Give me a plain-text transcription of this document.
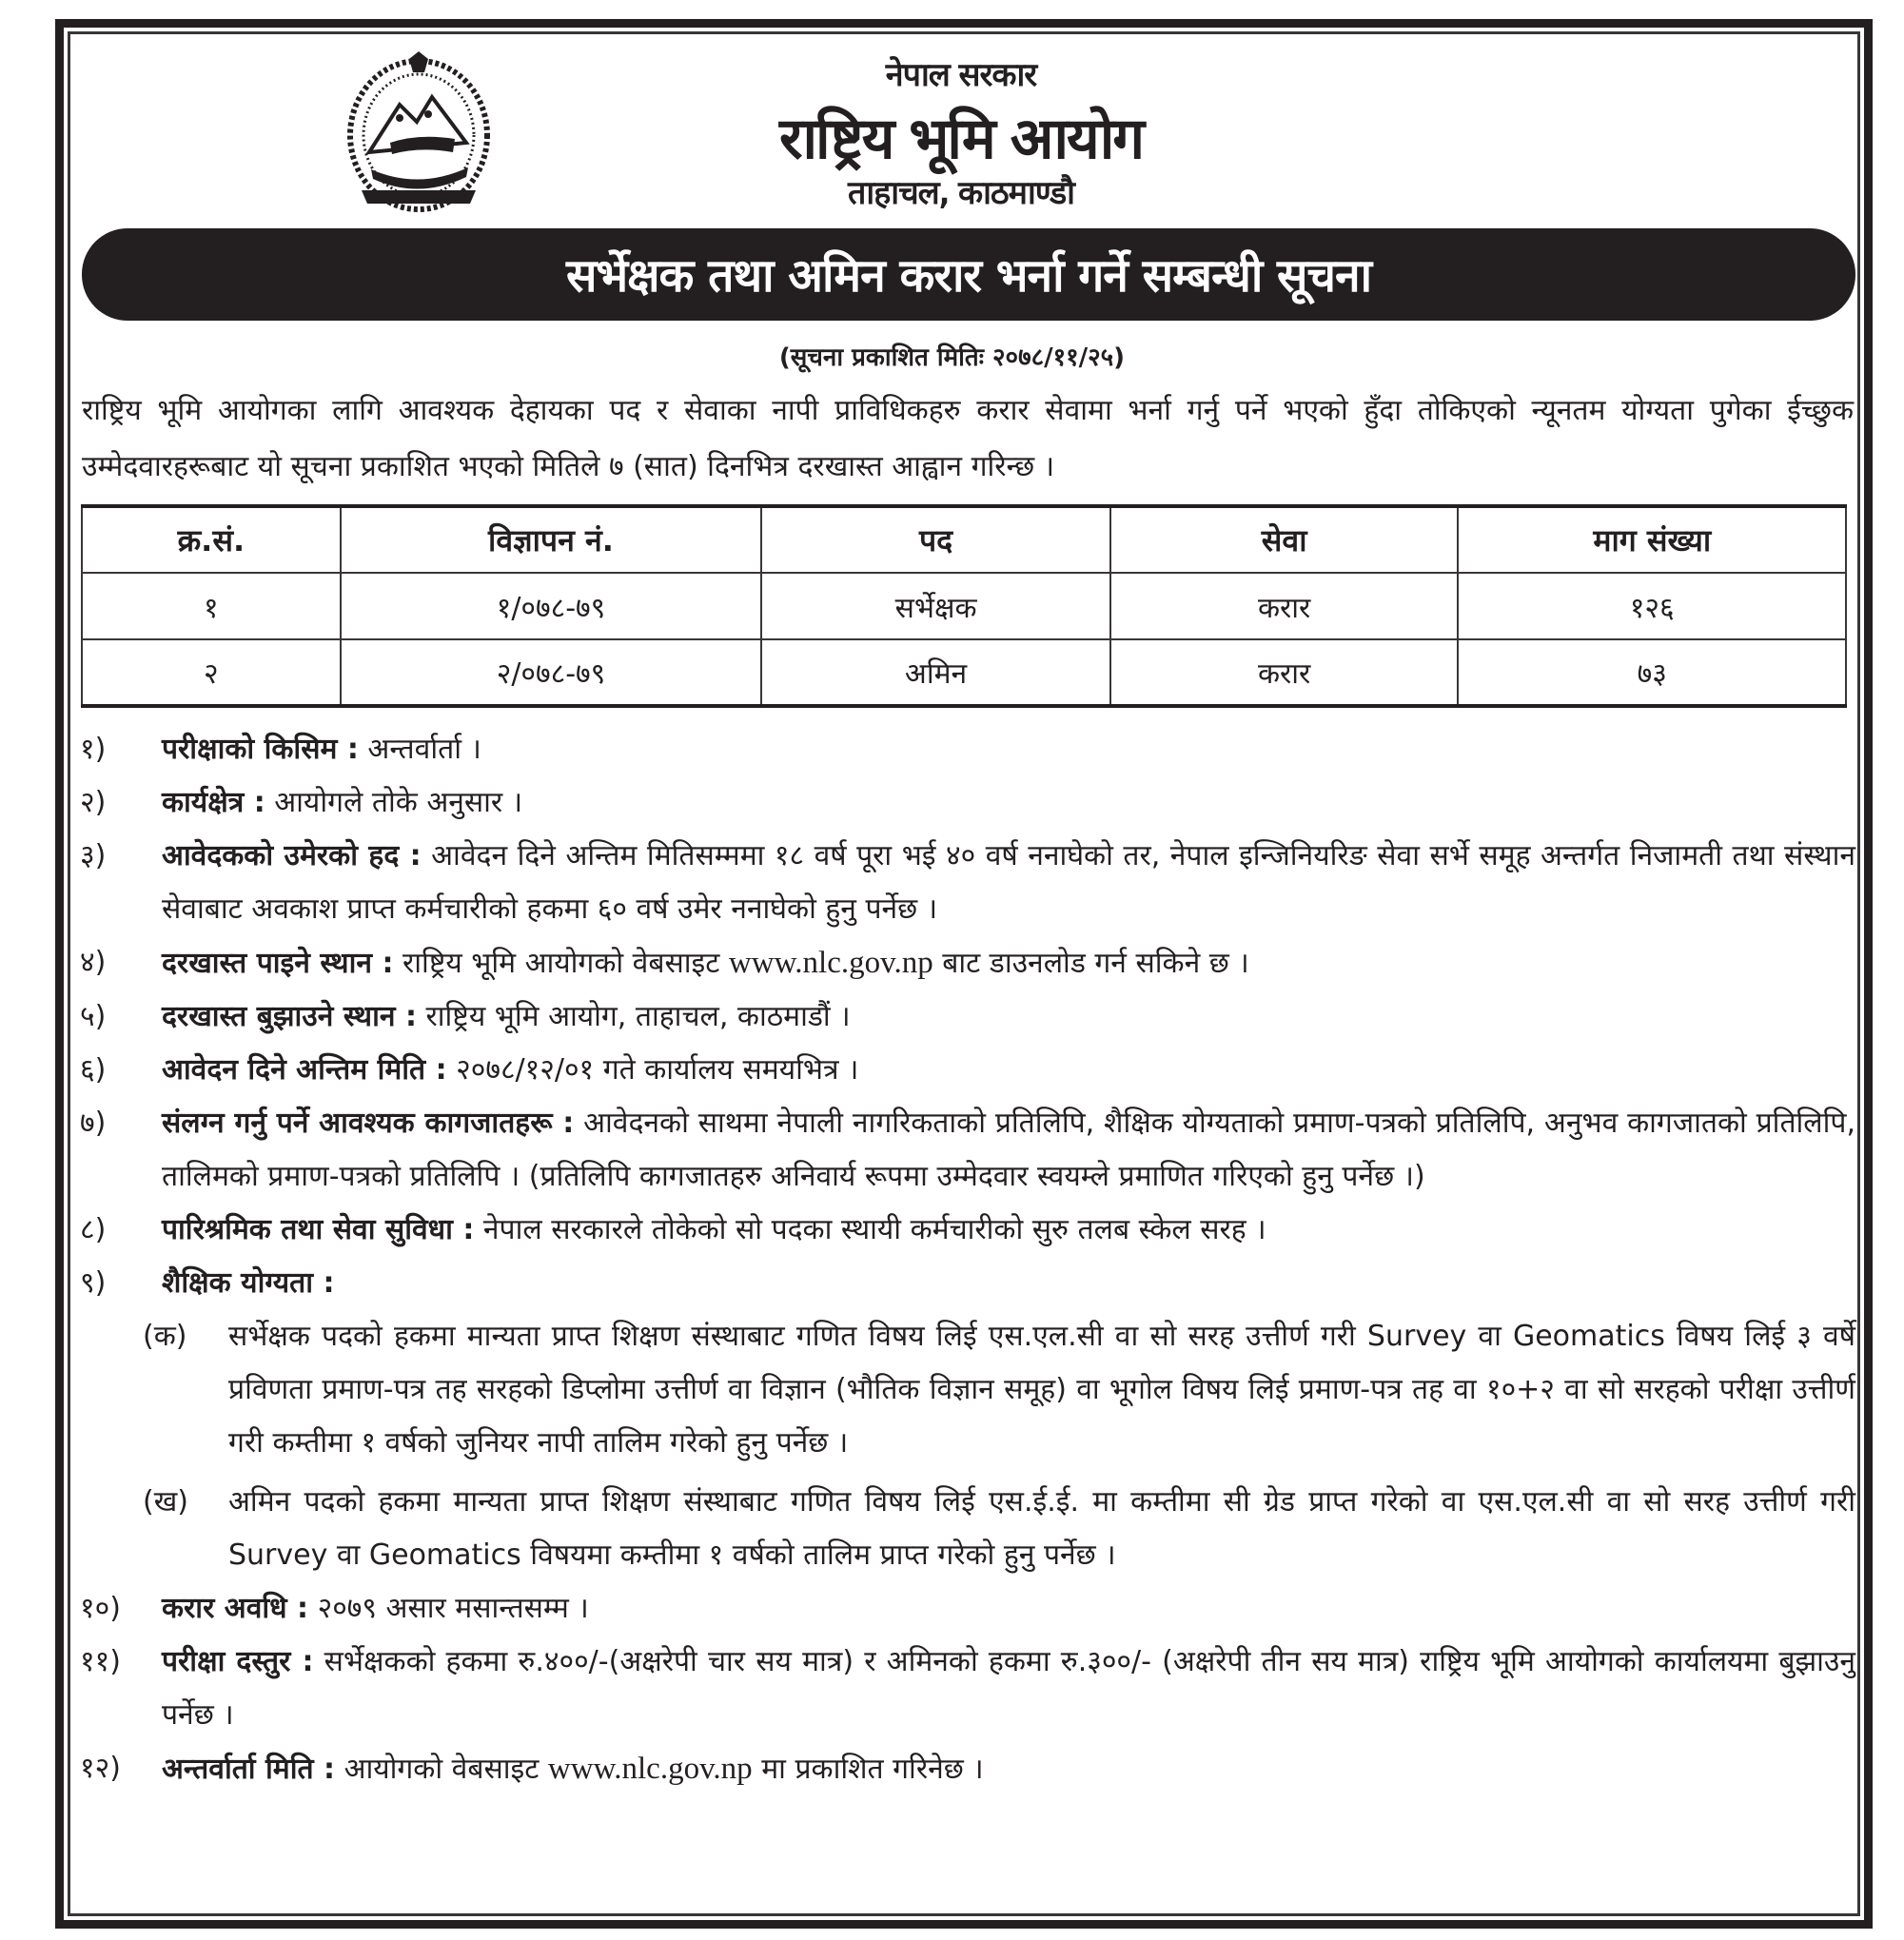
नेपाल सरकार
राष्ट्रिय भूमि आयोग
ताहाचल, काठमाण्डौ
सर्भेक्षक तथा अमिन करार भर्ना गर्ने सम्बन्धी सूचना
(सूचना प्रकाशित मितिः २०७८/११/२५)
राष्ट्रिय भूमि आयोगका लागि आवश्यक देहायका पद र सेवाका नापी प्राविधिकहरु करार सेवामा भर्ना गर्नु पर्ने भएको हुँदा तोकिएको न्यूनतम योग्यता पुगेका ईच्छुक उम्मेदवारहरूबाट यो सूचना प्रकाशित भएको मितिले ७ (सात) दिनभित्र दरखास्त आह्वान गरिन्छ ।
क्र.सं.	विज्ञापन नं.	पद	सेवा	माग संख्या
१	१/०७८-७९	सर्भेक्षक	करार	१२६
२	२/०७८-७९	अमिन	करार	७३
१)	परीक्षाको किसिम : अन्तर्वार्ता ।
२)	कार्यक्षेत्र : आयोगले तोके अनुसार ।
३)	आवेदकको उमेरको हद : आवेदन दिने अन्तिम मितिसम्ममा १८ वर्ष पूरा भई ४० वर्ष ननाघेको तर, नेपाल इन्जिनियरिङ सेवा सर्भे समूह अन्तर्गत निजामती तथा संस्थान सेवाबाट अवकाश प्राप्त कर्मचारीको हकमा ६० वर्ष उमेर ननाघेको हुनु पर्नेछ ।
४)	दरखास्त पाइने स्थान : राष्ट्रिय भूमि आयोगको वेबसाइट www.nlc.gov.np बाट डाउनलोड गर्न सकिने छ ।
५)	दरखास्त बुझाउने स्थान : राष्ट्रिय भूमि आयोग, ताहाचल, काठमाडौं ।
६)	आवेदन दिने अन्तिम मिति : २०७८/१२/०१ गते कार्यालय समयभित्र ।
७)	संलग्न गर्नु पर्ने आवश्यक कागजातहरू : आवेदनको साथमा नेपाली नागरिकताको प्रतिलिपि, शैक्षिक योग्यताको प्रमाण-पत्रको प्रतिलिपि, अनुभव कागजातको प्रतिलिपि, तालिमको प्रमाण-पत्रको प्रतिलिपि । (प्रतिलिपि कागजातहरु अनिवार्य रूपमा उम्मेदवार स्वयम्ले प्रमाणित गरिएको हुनु पर्नेछ ।)
८)	पारिश्रमिक तथा सेवा सुविधा : नेपाल सरकारले तोकेको सो पदका स्थायी कर्मचारीको सुरु तलब स्केल सरह ।
९)	शैक्षिक योग्यता :
(क) सर्भेक्षक पदको हकमा मान्यता प्राप्त शिक्षण संस्थाबाट गणित विषय लिई एस.एल.सी वा सो सरह उत्तीर्ण गरी Survey वा Geomatics विषय लिई ३ वर्षे प्रविणता प्रमाण-पत्र तह सरहको डिप्लोमा उत्तीर्ण वा विज्ञान (भौतिक विज्ञान समूह) वा भूगोल विषय लिई प्रमाण-पत्र तह वा १०+२ वा सो सरहको परीक्षा उत्तीर्ण गरी कम्तीमा १ वर्षको जुनियर नापी तालिम गरेको हुनु पर्नेछ ।
(ख) अमिन पदको हकमा मान्यता प्राप्त शिक्षण संस्थाबाट गणित विषय लिई एस.ई.ई. मा कम्तीमा सी ग्रेड प्राप्त गरेको वा एस.एल.सी वा सो सरह उत्तीर्ण गरी Survey वा Geomatics विषयमा कम्तीमा १ वर्षको तालिम प्राप्त गरेको हुनु पर्नेछ ।
१०)	करार अवधि : २०७९ असार मसान्तसम्म ।
११)	परीक्षा दस्तुर : सर्भेक्षकको हकमा रु.४००/-(अक्षरेपी चार सय मात्र) र अमिनको हकमा रु.३००/- (अक्षरेपी तीन सय मात्र) राष्ट्रिय भूमि आयोगको कार्यालयमा बुझाउनु पर्नेछ ।
१२)	अन्तर्वार्ता मिति : आयोगको वेबसाइट www.nlc.gov.np मा प्रकाशित गरिनेछ ।
